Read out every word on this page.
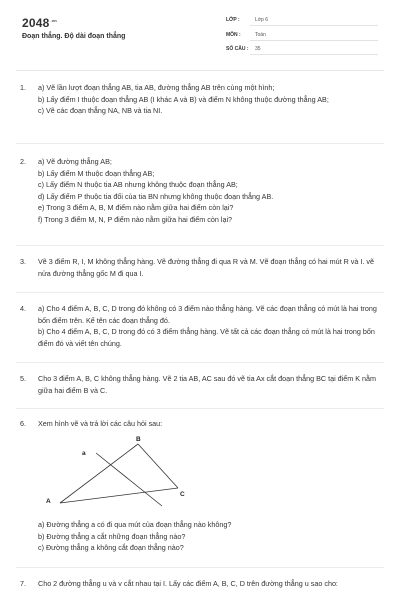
$2048^{.vn}$
Đoạn thẳng. Độ dài đoạn thẳng
LỚP :	Lớp 6
MÔN :	Toán
SỐ CÂU : 35
1. a) Vẽ lần lượt đoạn thẳng AB, tia AB, đường thẳng AB trên cùng một hình;
b) Lấy điểm I thuộc đoạn thẳng AB (I khác A và B) và điểm N không thuộc đường thẳng AB;
c) Vẽ các đoạn thẳng NA, NB và tia NI.
2. a) Vẽ đường thẳng AB;
b) Lấy điểm M thuộc đoạn thẳng AB;
c) Lấy điểm N thuộc tia AB nhưng không thuộc đoạn thẳng AB;
d) Lấy điểm P thuộc tia đối của tia BN nhưng không thuộc đoạn thẳng AB.
e) Trong 3 điểm A, B, M điểm nào nằm giữa hai điểm còn lại?
f) Trong 3 điểm M, N, P điểm nào nằm giữa hai điểm còn lại?
3. Vẽ 3 điểm R, I, M không thẳng hàng. Vẽ đường thẳng đi qua R và M. Vẽ đoạn thẳng có hai mút R và I. vẽ nửa đường thẳng gốc M đi qua I.
4. a) Cho 4 điểm A, B, C, D trong đó không có 3 điểm nào thẳng hàng. Vẽ các đoạn thẳng có mút là hai trong bốn điểm trên. Kể tên các đoạn thẳng đó.
b) Cho 4 điểm A, B, C, D trong đó có 3 điểm thẳng hàng. Vẽ tất cả các đoạn thẳng có mút là hai trong bốn điểm đó và viết tên chúng.
5. Cho 3 điểm A, B, C không thẳng hàng. Vẽ 2 tia AB, AC sau đó vẽ tia Ax cắt đoạn thẳng BC tại điểm K nằm giữa hai điểm B và C.
6. Xem hình vẽ và trả lời các câu hỏi sau:
B
a
A
C
a) Đường thẳng a có đi qua mút của đoạn thẳng nào không?
b) Đường thẳng a cắt những đoạn thẳng nào?
c) Đường thẳng a không cắt đoạn thẳng nào?
7. Cho 2 đường thẳng u và v cắt nhau tại I. Lấy các điểm A, B, C, D trên đường thẳng u sao cho:
